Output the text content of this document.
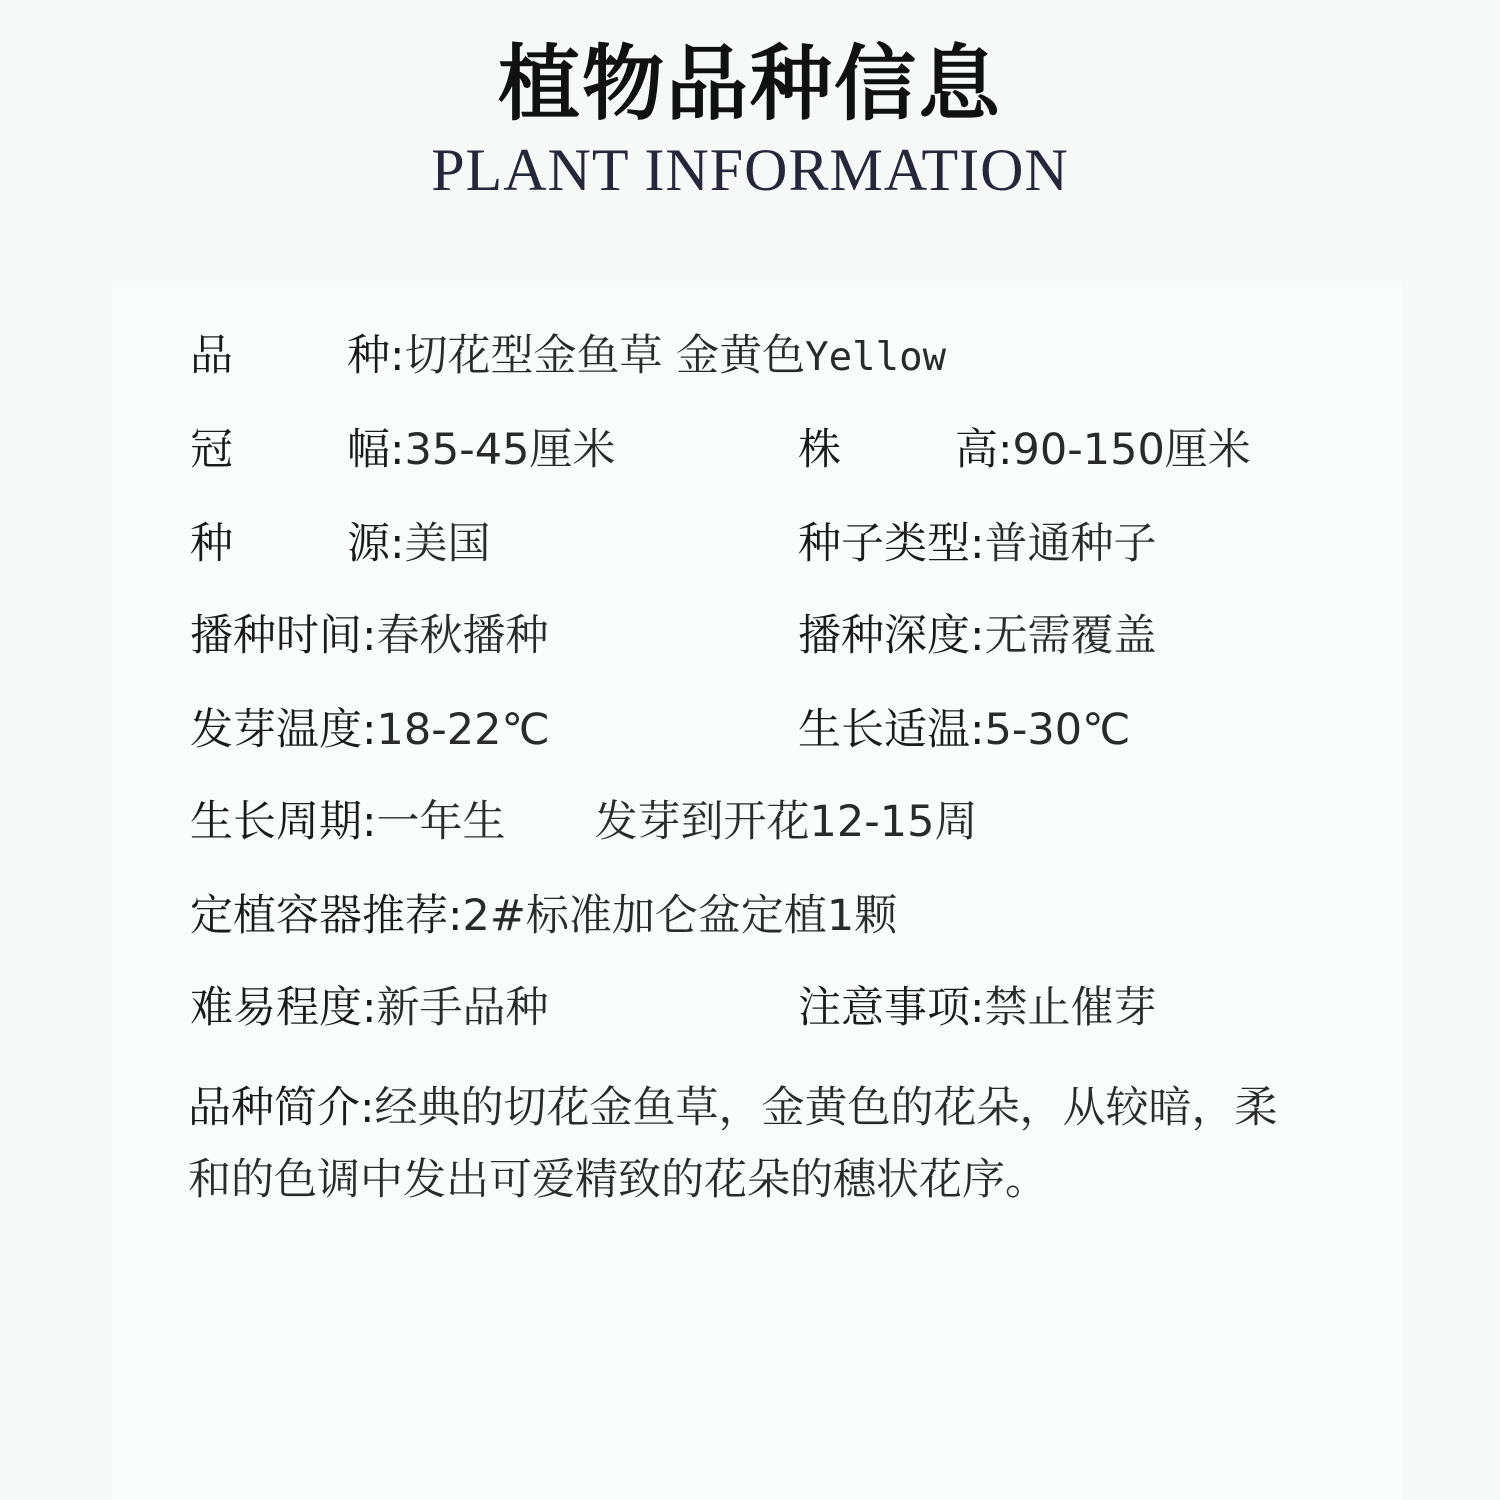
植物品种信息
PLANT INFORMATION
品	种 :切花型金鱼草 金黄色Yellow
冠	幅 :35-45厘米	株	高 :90-150厘米
种	源 :美国	种子类型:普通种子
播种时间:春秋播种	播种深度:无需覆盖
发芽温度:18-22℃	生长适温:5-30℃
生长周期:一年生 发芽到开花12-15周
定植容器推荐:2#标准加仑盆定植1颗
难易程度:新手品种	注意事项:禁止催芽
品种简介:经典的切花金鱼草，金黄色的花朵，从较暗，柔和的色调中发出可爱精致的花朵的穗状花序。
